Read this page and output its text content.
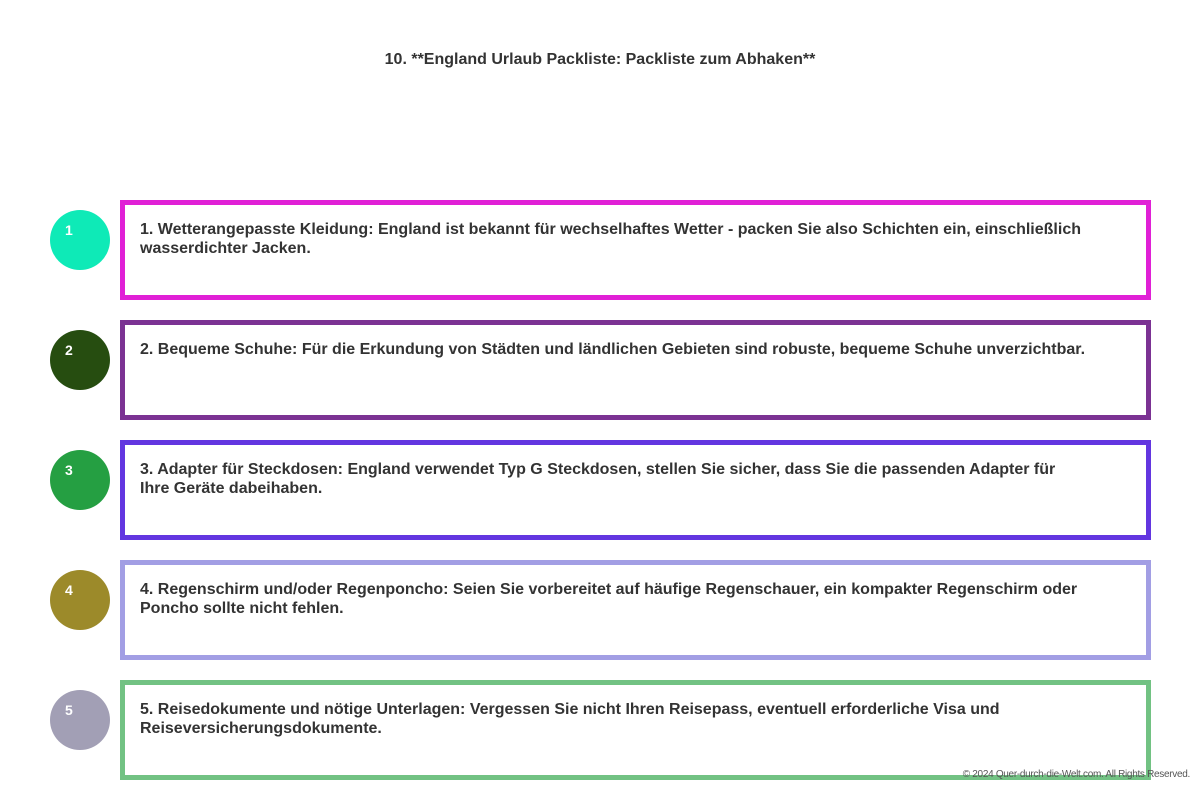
10. **England Urlaub Packliste: Packliste zum Abhaken**
1	1. Wetterangepasste Kleidung: England ist bekannt für wechselhaftes Wetter - packen Sie also Schichten ein, einschließlich wasserdichter Jacken.
2	2. Bequeme Schuhe: Für die Erkundung von Städten und ländlichen Gebieten sind robuste, bequeme Schuhe unverzichtbar.
3	3. Adapter für Steckdosen: England verwendet Typ G Steckdosen, stellen Sie sicher, dass Sie die passenden Adapter für Ihre Geräte dabeihaben.
4	4. Regenschirm und/oder Regenponcho: Seien Sie vorbereitet auf häufige Regenschauer, ein kompakter Regenschirm oder Poncho sollte nicht fehlen.
5	5. Reisedokumente und nötige Unterlagen: Vergessen Sie nicht Ihren Reisepass, eventuell erforderliche Visa und Reiseversicherungsdokumente.
© 2024 Quer-durch-die-Welt.com. All Rights Reserved.
